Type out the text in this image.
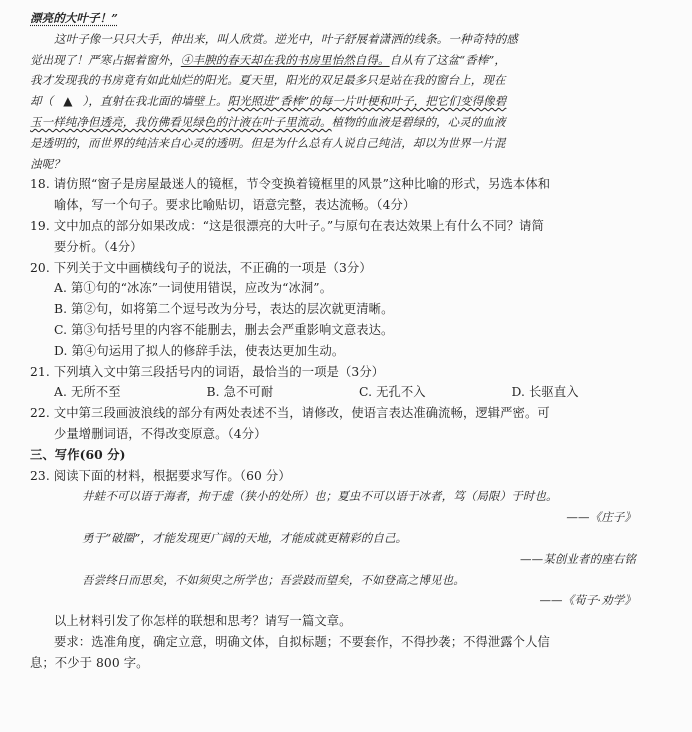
漂亮的大叶子！”

这叶子像一只只大手，伸出来，叫人欣赏。逆光中，叶子舒展着潇洒的线条。一种奇特的感

觉出现了！严寒占据着窗外，④丰腴的春天却在我的书房里怡然自得。自从有了这盆“香棒”，

我才发现我的书房竟有如此灿烂的阳光。夏天里，阳光的双足最多只是站在我的窗台上，现在

却（ ▲ ），直射在我北面的墙壁上。阳光照进“香棒”的每一片叶梗和叶子，把它们变得像碧

玉一样纯净但透亮，我仿佛看见绿色的汁液在叶子里流动。植物的血液是碧绿的，心灵的血液

是透明的，而世界的纯洁来自心灵的透明。但是为什么总有人说自己纯洁，却以为世界一片混

浊呢？

18. 请仿照“窗子是房屋最迷人的镜框，节令变换着镜框里的风景”这种比喻的形式，另选本体和

喻体，写一个句子。要求比喻贴切，语意完整，表达流畅。（4分）

19. 文中加点的部分如果改成：“这是很漂亮的大叶子。”与原句在表达效果上有什么不同？请简

要分析。（4分）

20. 下列关于文中画横线句子的说法，不正确的一项是（3分）

A. 第①句的“冰冻”一词使用错误，应改为“冰洞”。

B. 第②句，如将第二个逗号改为分号，表达的层次就更清晰。

C. 第③句括号里的内容不能删去，删去会严重影响文意表达。

D. 第④句运用了拟人的修辞手法，使表达更加生动。

21. 下列填入文中第三段括号内的词语，最恰当的一项是（3分）

A. 无所不至	B. 急不可耐	C. 无孔不入	D. 长驱直入

22. 文中第三段画波浪线的部分有两处表述不当，请修改，使语言表达准确流畅，逻辑严密。可

少量增删词语，不得改变原意。（4分）

三、写作(60 分)

23. 阅读下面的材料，根据要求写作。（60 分）

井蛙不可以语于海者，拘于虚（狭小的处所）也；夏虫不可以语于冰者，笃（局限）于时也。

——《庄子》

勇于“破圈”，才能发现更广阔的天地，才能成就更精彩的自己。

——某创业者的座右铭

吾尝终日而思矣，不如须臾之所学也；吾尝跂而望矣，不如登高之博见也。

——《荀子·劝学》

以上材料引发了你怎样的联想和思考？请写一篇文章。

要求：选准角度，确定立意，明确文体，自拟标题；不要套作，不得抄袭；不得泄露个人信

息；不少于 800 字。
